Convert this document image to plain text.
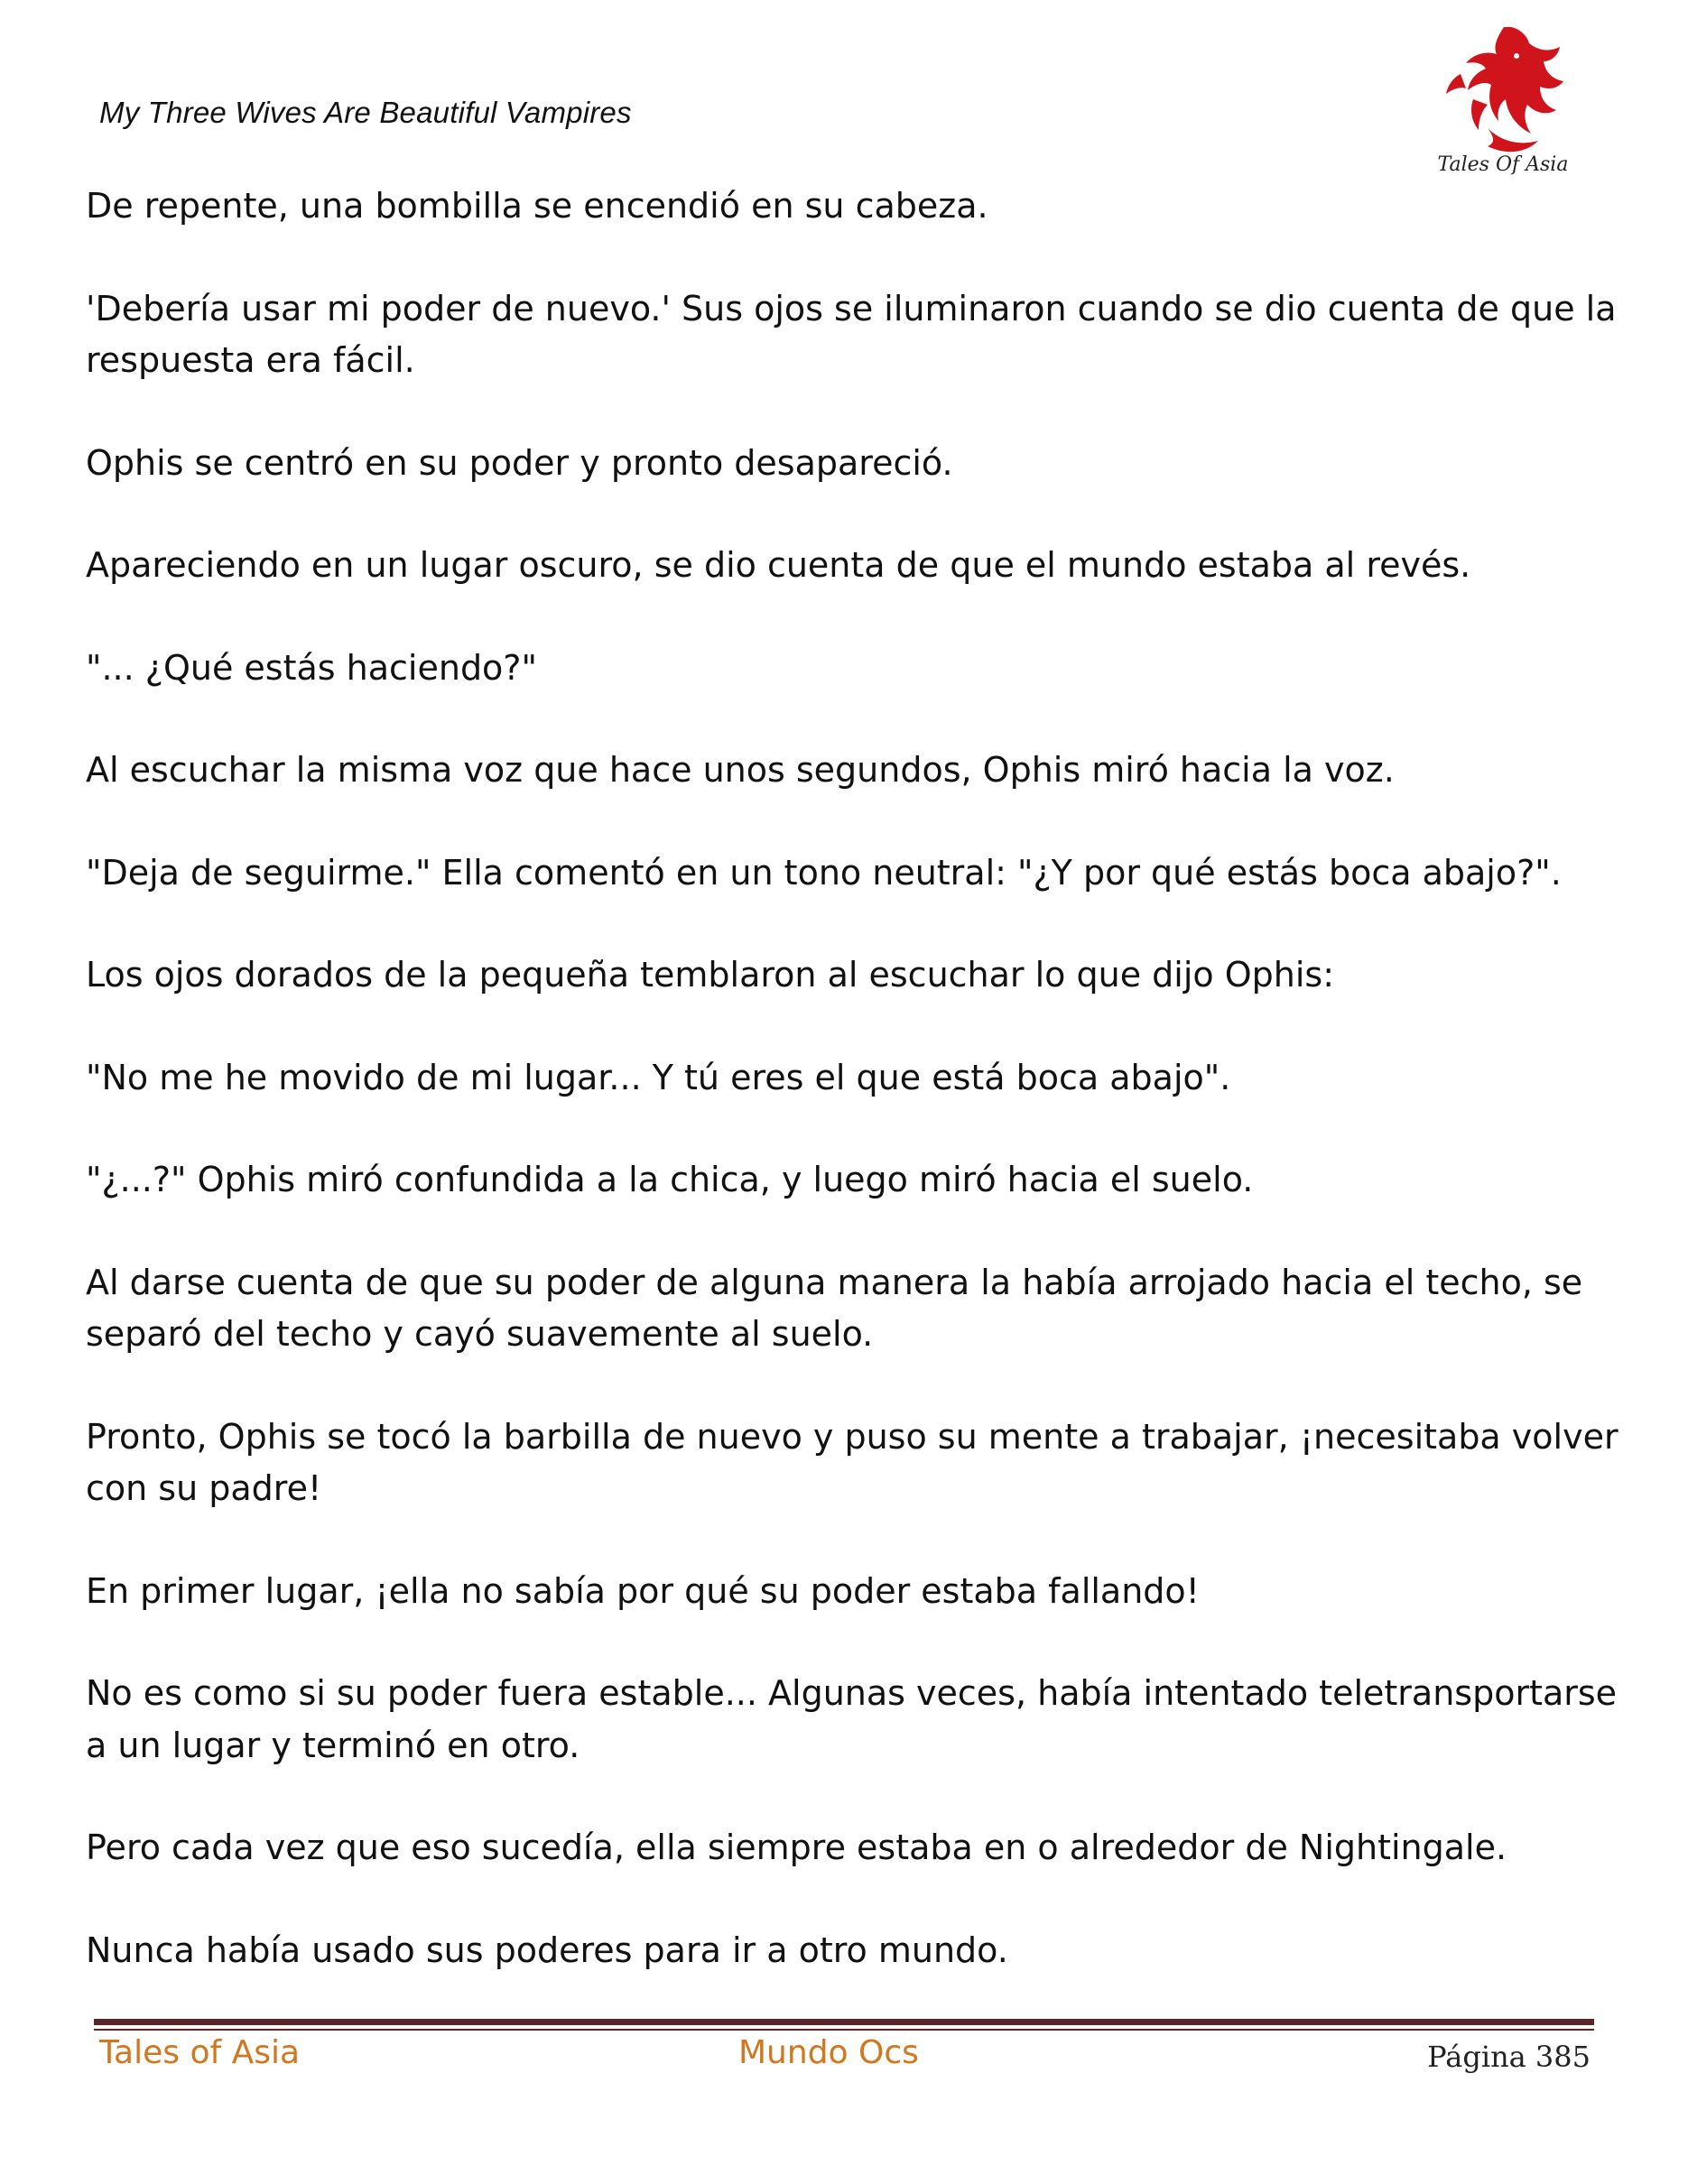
My Three Wives Are Beautiful Vampires
Tales Of Asia

De repente, una bombilla se encendió en su cabeza.

'Debería usar mi poder de nuevo.' Sus ojos se iluminaron cuando se dio cuenta de que la respuesta era fácil.

Ophis se centró en su poder y pronto desapareció.

Apareciendo en un lugar oscuro, se dio cuenta de que el mundo estaba al revés.

"... ¿Qué estás haciendo?"

Al escuchar la misma voz que hace unos segundos, Ophis miró hacia la voz.

"Deja de seguirme." Ella comentó en un tono neutral: "¿Y por qué estás boca abajo?".

Los ojos dorados de la pequeña temblaron al escuchar lo que dijo Ophis:

"No me he movido de mi lugar... Y tú eres el que está boca abajo".

"¿...?" Ophis miró confundida a la chica, y luego miró hacia el suelo.

Al darse cuenta de que su poder de alguna manera la había arrojado hacia el techo, se separó del techo y cayó suavemente al suelo.

Pronto, Ophis se tocó la barbilla de nuevo y puso su mente a trabajar, ¡necesitaba volver con su padre!

En primer lugar, ¡ella no sabía por qué su poder estaba fallando!

No es como si su poder fuera estable... Algunas veces, había intentado teletransportarse a un lugar y terminó en otro.

Pero cada vez que eso sucedía, ella siempre estaba en o alrededor de Nightingale.

Nunca había usado sus poderes para ir a otro mundo.

Tales of Asia	Mundo Ocs	Página 385
